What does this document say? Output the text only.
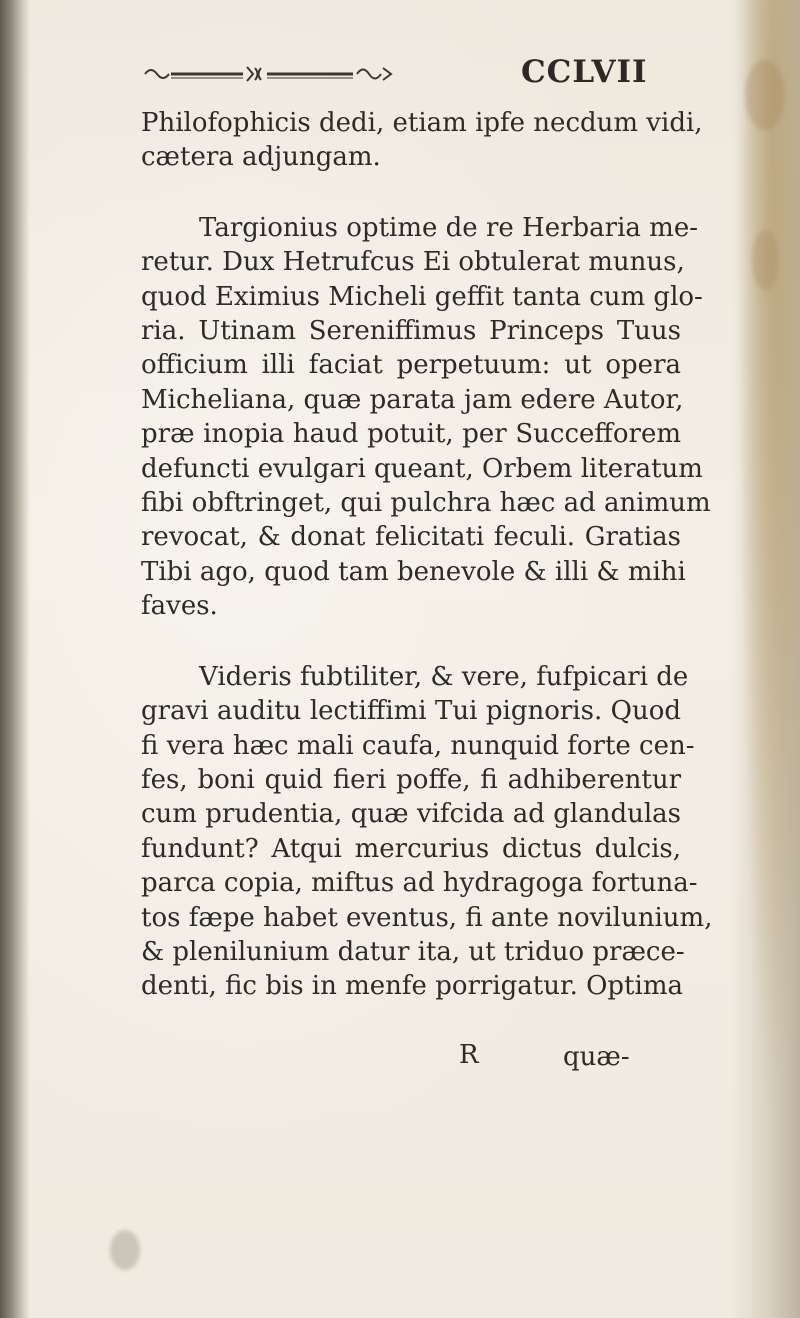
CCLVII
Philofophicis dedi, etiam ipfe necdum vidi,
cætera adjungam.
Targionius optime de re Herbaria me-
retur. Dux Hetrufcus Ei obtulerat munus,
quod Eximius Micheli geffit tanta cum glo-
ria. Utinam Sereniffimus Princeps Tuus
officium illi faciat perpetuum: ut opera
Micheliana, quæ parata jam edere Autor,
præ inopia haud potuit, per Succefforem
defuncti evulgari queant, Orbem literatum
fibi obftringet, qui pulchra hæc ad animum
revocat, & donat felicitati feculi. Gratias
Tibi ago, quod tam benevole & illi & mihi
faves.
Videris fubtiliter, & vere, fufpicari de
gravi auditu lectiffimi Tui pignoris. Quod
fi vera hæc mali caufa, nunquid forte cen-
fes, boni quid fieri poffe, fi adhiberentur
cum prudentia, quæ vifcida ad glandulas
fundunt? Atqui mercurius dictus dulcis,
parca copia, miftus ad hydragoga fortuna-
tos fæpe habet eventus, fi ante novilunium,
& plenilunium datur ita, ut triduo præce-
denti, fic bis in menfe porrigatur. Optima
R	quæ-
